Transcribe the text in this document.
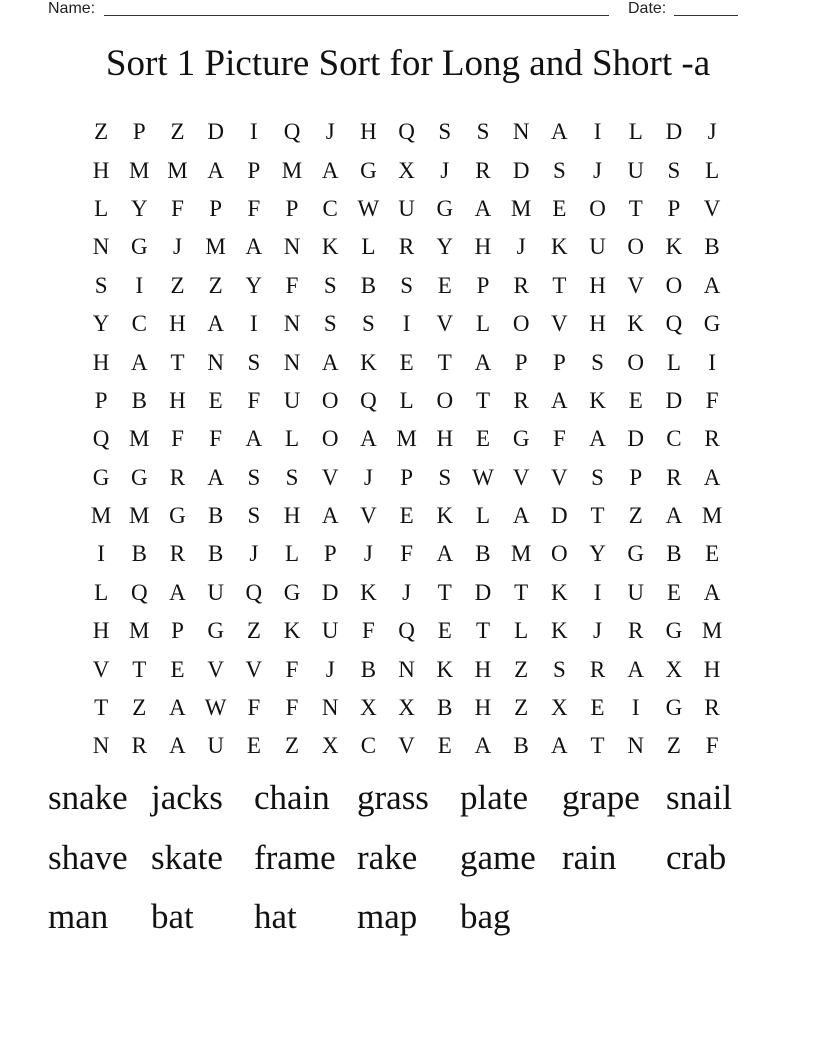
Name:	Date:
Sort 1 Picture Sort for Long and Short -a
Z	P	Z D	I	Q	J	H Q	S	S	N A	I	L D	J
H M M A	P M A G X	J	R D	S	J	U	S	L
L Y	F	P	F	P	C W U G A M E O T	P	V
N G	J	M A N K L	R Y H	J	K U O K B
S	I	Z	Z Y	F	S	B	S	E	P	R	T H V O A
Y C H A	I	N	S	S	I	V L O V H K Q G
H A T N	S	N A K E	T A	P	P	S	O L	I
P	B H E	F	U O Q L O T	R A K E D	F
Q M F	F	A L O A M H E G	F	A D C R
G G R A	S	S	V	J	P	S W V V	S	P	R A
M M G B	S	H A V E K L A D T	Z A M
I	B R B	J	L	P	J	F	A B M O Y G B	E
L Q A U Q G D K	J	T D T K	I	U E A
H M P	G Z K U	F	Q E	T	L K	J	R G M
V T	E V V	F	J	B N K H Z	S	R A X H
T	Z A W F	F	N X X B H Z X E	I	G R
N R A U E	Z X C V E A B A T N Z	F
snake jacks chain grass plate grape snail
shave skate frame rake game rain crab
man bat hat map bag
